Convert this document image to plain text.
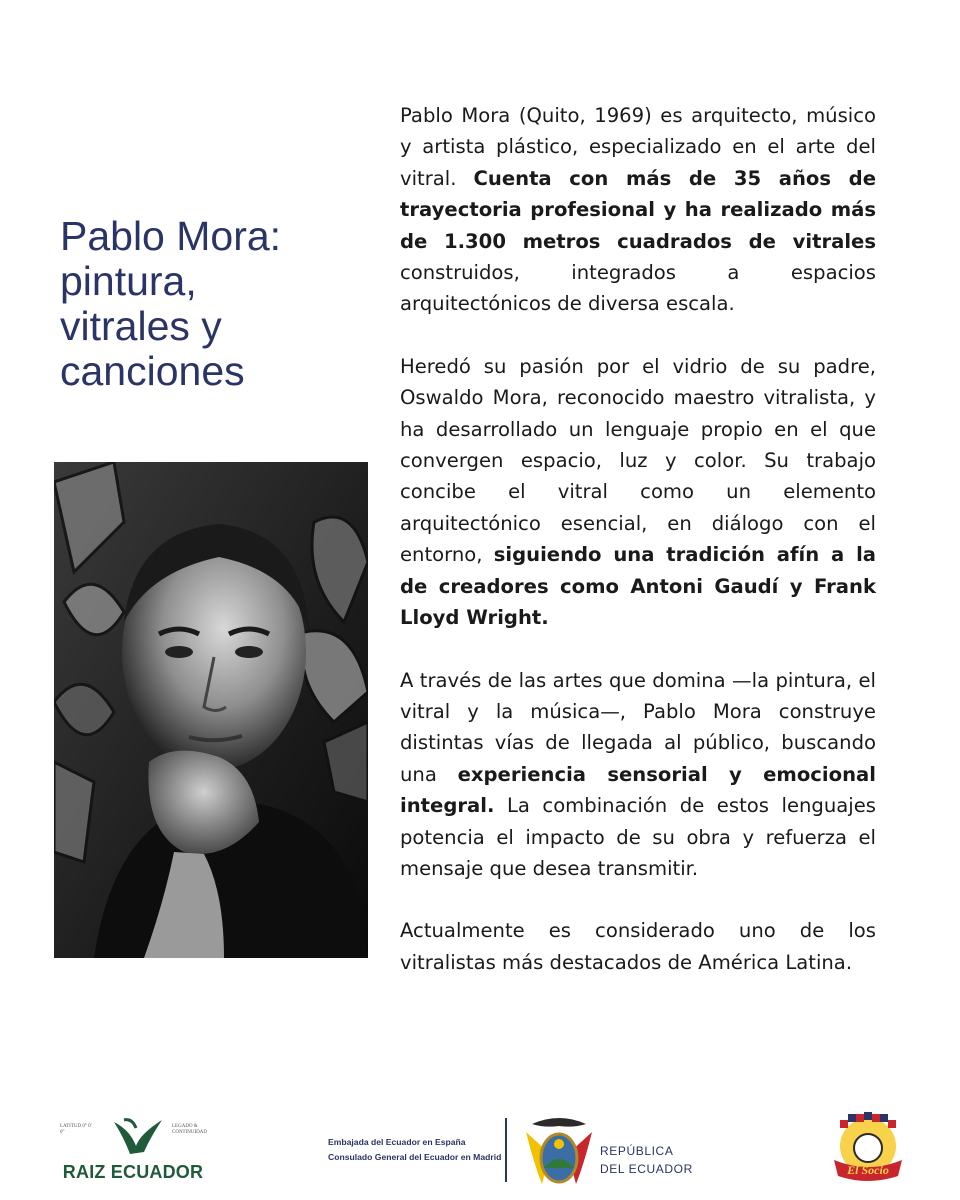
Pablo Mora:
pintura,
vitrales y
canciones

Pablo Mora (Quito, 1969) es arquitecto, músico y artista plástico, especializado en el arte del vitral. Cuenta con más de 35 años de trayectoria profesional y ha realizado más de 1.300 metros cuadrados de vitrales construidos, integrados a espacios arquitectónicos de diversa escala.

Heredó su pasión por el vidrio de su padre, Oswaldo Mora, reconocido maestro vitralista, y ha desarrollado un lenguaje propio en el que convergen espacio, luz y color. Su trabajo concibe el vitral como un elemento arquitectónico esencial, en diálogo con el entorno, siguiendo una tradición afín a la de creadores como Antoni Gaudí y Frank Lloyd Wright.

A través de las artes que domina —la pintura, el vitral y la música—, Pablo Mora construye distintas vías de llegada al público, buscando una experiencia sensorial y emocional integral. La combinación de estos lenguajes potencia el impacto de su obra y refuerza el mensaje que desea transmitir.

Actualmente es considerado uno de los vitralistas más destacados de América Latina.

LATITUD 0° 0' 0"
LEGADO & CONTINUIDAD
RAIZ ECUADOR
Embajada del Ecuador en España
Consulado General del Ecuador en Madrid	REPÚBLICA
DEL ECUADOR	El Socio
